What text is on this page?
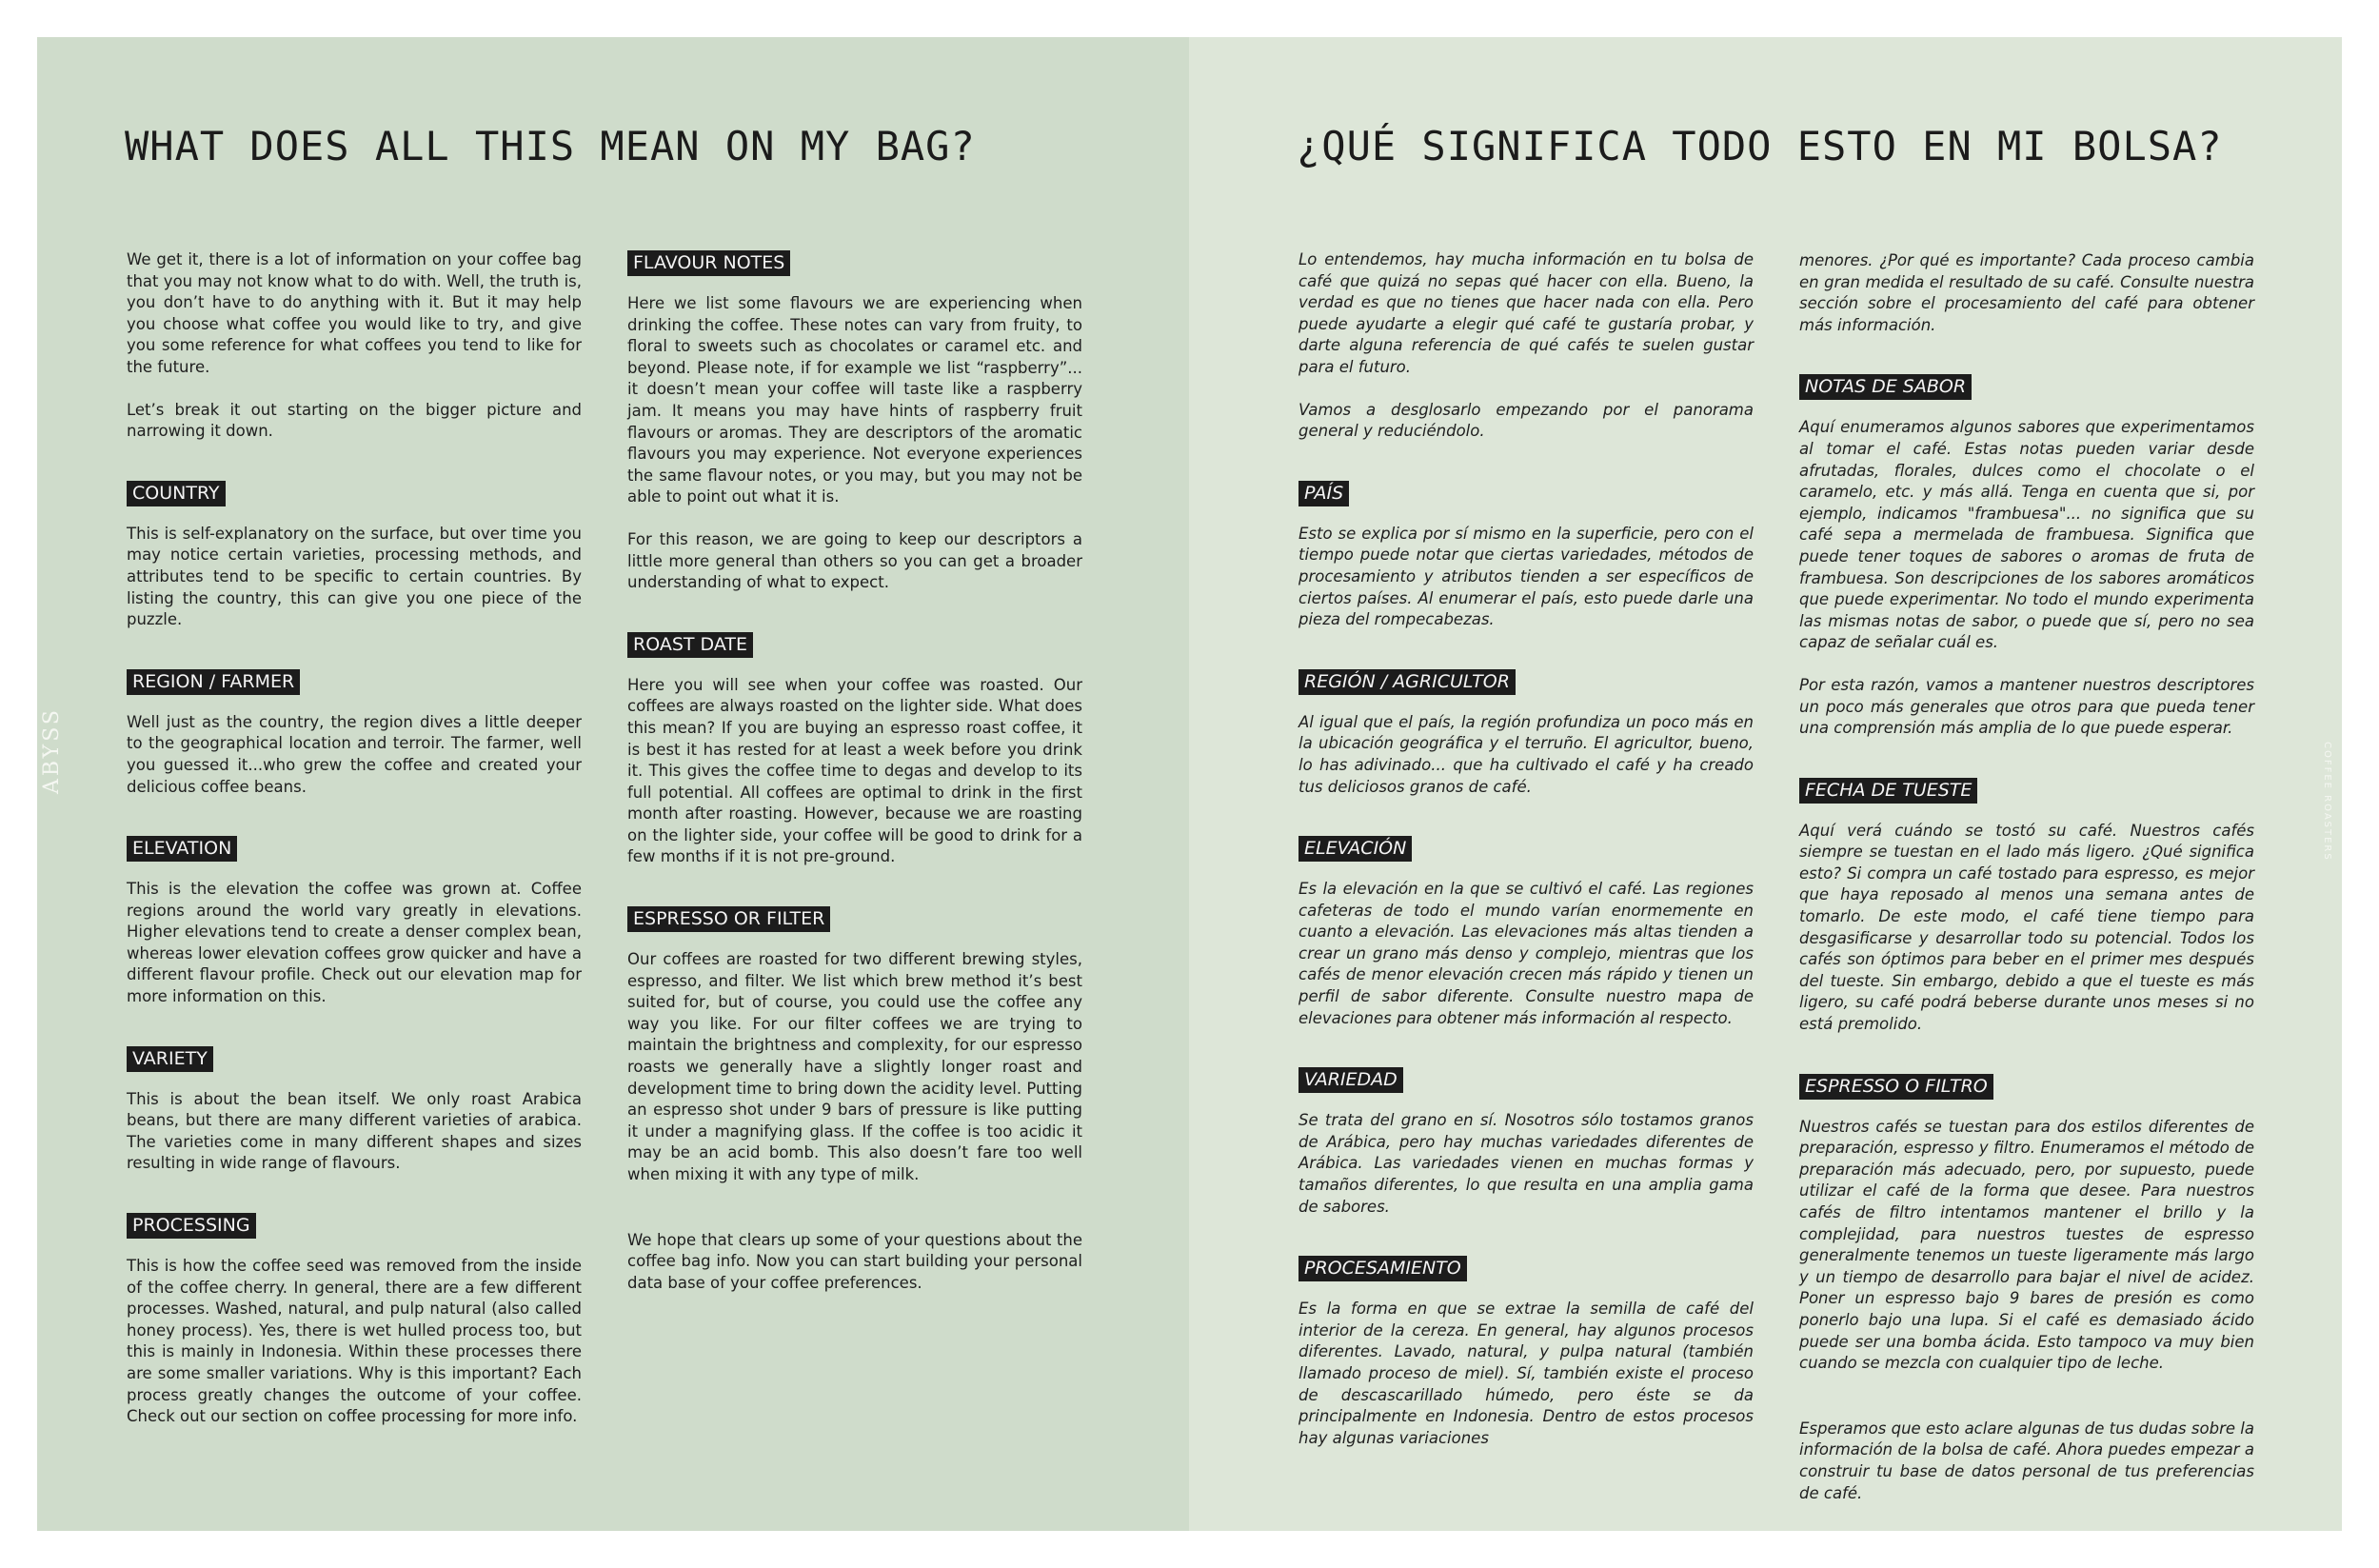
WHAT DOES ALL THIS MEAN ON MY BAG?
ABYSS

We get it, there is a lot of information on your coffee bag that you may not know what to do with. Well, the truth is, you don’t have to do anything with it. But it may help you choose what coffee you would like to try, and give you some reference for what coffees you tend to like for the future.

Let’s break it out starting on the bigger picture and narrowing it down.

COUNTRY

This is self-explanatory on the surface, but over time you may notice certain varieties, processing methods, and attributes tend to be specific to certain countries. By listing the country, this can give you one piece of the puzzle.

REGION / FARMER

Well just as the country, the region dives a little deeper to the geographical location and terroir. The farmer, well you guessed it...who grew the coffee and created your delicious coffee beans.

ELEVATION

This is the elevation the coffee was grown at. Coffee regions around the world vary greatly in elevations. Higher elevations tend to create a denser complex bean, whereas lower elevation coffees grow quicker and have a different flavour profile. Check out our elevation map for more information on this.

VARIETY

This is about the bean itself. We only roast Arabica beans, but there are many different varieties of arabica. The varieties come in many different shapes and sizes resulting in wide range of flavours.

PROCESSING

This is how the coffee seed was removed from the inside of the coffee cherry. In general, there are a few different processes. Washed, natural, and pulp natural (also called honey process). Yes, there is wet hulled process too, but this is mainly in Indonesia. Within these processes there are some smaller variations. Why is this important? Each process greatly changes the outcome of your coffee. Check out our section on coffee processing for more info.

FLAVOUR NOTES

Here we list some flavours we are experiencing when drinking the coffee. These notes can vary from fruity, to floral to sweets such as chocolates or caramel etc. and beyond. Please note, if for example we list “raspberry”... it doesn’t mean your coffee will taste like a raspberry jam. It means you may have hints of raspberry fruit flavours or aromas. They are descriptors of the aromatic flavours you may experience. Not everyone experiences the same flavour notes, or you may, but you may not be able to point out what it is.

For this reason, we are going to keep our descriptors a little more general than others so you can get a broader understanding of what to expect.

ROAST DATE

Here you will see when your coffee was roasted. Our coffees are always roasted on the lighter side. What does this mean? If you are buying an espresso roast coffee, it is best it has rested for at least a week before you drink it. This gives the coffee time to degas and develop to its full potential. All coffees are optimal to drink in the first month after roasting. However, because we are roasting on the lighter side, your coffee will be good to drink for a few months if it is not pre-ground.

ESPRESSO OR FILTER

Our coffees are roasted for two different brewing styles, espresso, and filter. We list which brew method it’s best suited for, but of course, you could use the coffee any way you like. For our filter coffees we are trying to maintain the brightness and complexity, for our espresso roasts we generally have a slightly longer roast and development time to bring down the acidity level. Putting an espresso shot under 9 bars of pressure is like putting it under a magnifying glass. If the coffee is too acidic it may be an acid bomb. This also doesn’t fare too well when mixing it with any type of milk.

We hope that clears up some of your questions about the coffee bag info. Now you can start building your personal data base of your coffee preferences.

¿QUÉ SIGNIFICA TODO ESTO EN MI BOLSA?
COFFEE ROASTERS

Lo entendemos, hay mucha información en tu bolsa de café que quizá no sepas qué hacer con ella. Bueno, la verdad es que no tienes que hacer nada con ella. Pero puede ayudarte a elegir qué café te gustaría probar, y darte alguna referencia de qué cafés te suelen gustar para el futuro.

Vamos a desglosarlo empezando por el panorama general y reduciéndolo.

PAÍS

Esto se explica por sí mismo en la superficie, pero con el tiempo puede notar que ciertas variedades, métodos de procesamiento y atributos tienden a ser específicos de ciertos países. Al enumerar el país, esto puede darle una pieza del rompecabezas.

REGIÓN / AGRICULTOR

Al igual que el país, la región profundiza un poco más en la ubicación geográfica y el terruño. El agricultor, bueno, lo has adivinado... que ha cultivado el café y ha creado tus deliciosos granos de café.

ELEVACIÓN

Es la elevación en la que se cultivó el café. Las regiones cafeteras de todo el mundo varían enormemente en cuanto a elevación. Las elevaciones más altas tienden a crear un grano más denso y complejo, mientras que los cafés de menor elevación crecen más rápido y tienen un perfil de sabor diferente. Consulte nuestro mapa de elevaciones para obtener más información al respecto.

VARIEDAD

Se trata del grano en sí. Nosotros sólo tostamos granos de Arábica, pero hay muchas variedades diferentes de Arábica. Las variedades vienen en muchas formas y tamaños diferentes, lo que resulta en una amplia gama de sabores.

PROCESAMIENTO

Es la forma en que se extrae la semilla de café del interior de la cereza. En general, hay algunos procesos diferentes. Lavado, natural, y pulpa natural (también llamado proceso de miel). Sí, también existe el proceso de descascarillado húmedo, pero éste se da principalmente en Indonesia. Dentro de estos procesos hay algunas variaciones

menores. ¿Por qué es importante? Cada proceso cambia en gran medida el resultado de su café. Consulte nuestra sección sobre el procesamiento del café para obtener más información.

NOTAS DE SABOR

Aquí enumeramos algunos sabores que experimentamos al tomar el café. Estas notas pueden variar desde afrutadas, florales, dulces como el chocolate o el caramelo, etc. y más allá. Tenga en cuenta que si, por ejemplo, indicamos "frambuesa"... no significa que su café sepa a mermelada de frambuesa. Significa que puede tener toques de sabores o aromas de fruta de frambuesa. Son descripciones de los sabores aromáticos que puede experimentar. No todo el mundo experimenta las mismas notas de sabor, o puede que sí, pero no sea capaz de señalar cuál es.

Por esta razón, vamos a mantener nuestros descriptores un poco más generales que otros para que pueda tener una comprensión más amplia de lo que puede esperar.

FECHA DE TUESTE

Aquí verá cuándo se tostó su café. Nuestros cafés siempre se tuestan en el lado más ligero. ¿Qué significa esto? Si compra un café tostado para espresso, es mejor que haya reposado al menos una semana antes de tomarlo. De este modo, el café tiene tiempo para desgasificarse y desarrollar todo su potencial. Todos los cafés son óptimos para beber en el primer mes después del tueste. Sin embargo, debido a que el tueste es más ligero, su café podrá beberse durante unos meses si no está premolido.

ESPRESSO O FILTRO

Nuestros cafés se tuestan para dos estilos diferentes de preparación, espresso y filtro. Enumeramos el método de preparación más adecuado, pero, por supuesto, puede utilizar el café de la forma que desee. Para nuestros cafés de filtro intentamos mantener el brillo y la complejidad, para nuestros tuestes de espresso generalmente tenemos un tueste ligeramente más largo y un tiempo de desarrollo para bajar el nivel de acidez. Poner un espresso bajo 9 bares de presión es como ponerlo bajo una lupa. Si el café es demasiado ácido puede ser una bomba ácida. Esto tampoco va muy bien cuando se mezcla con cualquier tipo de leche.

Esperamos que esto aclare algunas de tus dudas sobre la información de la bolsa de café. Ahora puedes empezar a construir tu base de datos personal de tus preferencias de café.
